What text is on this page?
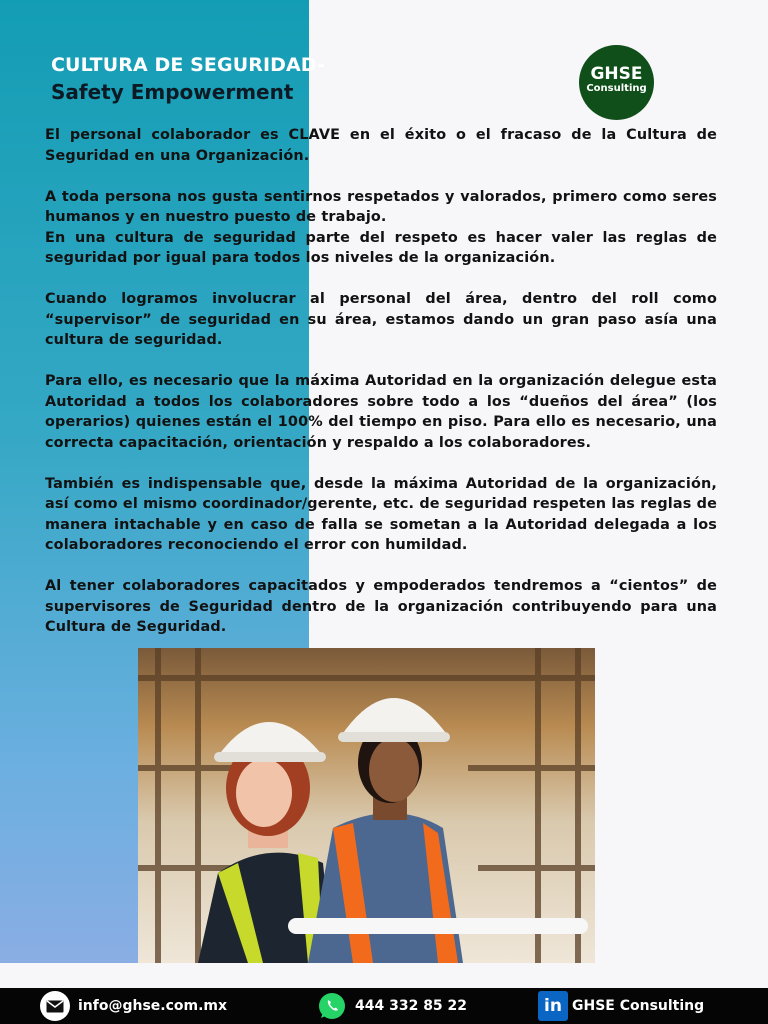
CULTURA DE SEGURIDAD-
Safety Empowerment
GHSE
Consulting

El personal colaborador es CLAVE en el éxito o el fracaso de la Cultura de Seguridad en una Organización.

A toda persona nos gusta sentirnos respetados y valorados, primero como seres humanos y en nuestro puesto de trabajo.

En una cultura de seguridad parte del respeto es hacer valer las reglas de seguridad por igual para todos los niveles de la organización.

Cuando logramos involucrar al personal del área, dentro del roll como “supervisor” de seguridad en su área, estamos dando un gran paso asía una cultura de seguridad.

Para ello, es necesario que la máxima Autoridad en la organización delegue esta Autoridad a todos los colaboradores sobre todo a los “dueños del área” (los operarios) quienes están el 100% del tiempo en piso. Para ello es necesario, una correcta capacitación, orientación y respaldo a los colaboradores.

También es indispensable que, desde la máxima Autoridad de la organización, así como el mismo coordinador/gerente, etc. de seguridad respeten las reglas de manera intachable y en caso de falla se sometan a la Autoridad delegada a los colaboradores reconociendo el error con humildad.

Al tener colaboradores capacitados y empoderados tendremos a “cientos” de supervisores de Seguridad dentro de la organización contribuyendo para una Cultura de Seguridad.

info@ghse.com.mx	444 332 85 22	in GHSE Consulting
